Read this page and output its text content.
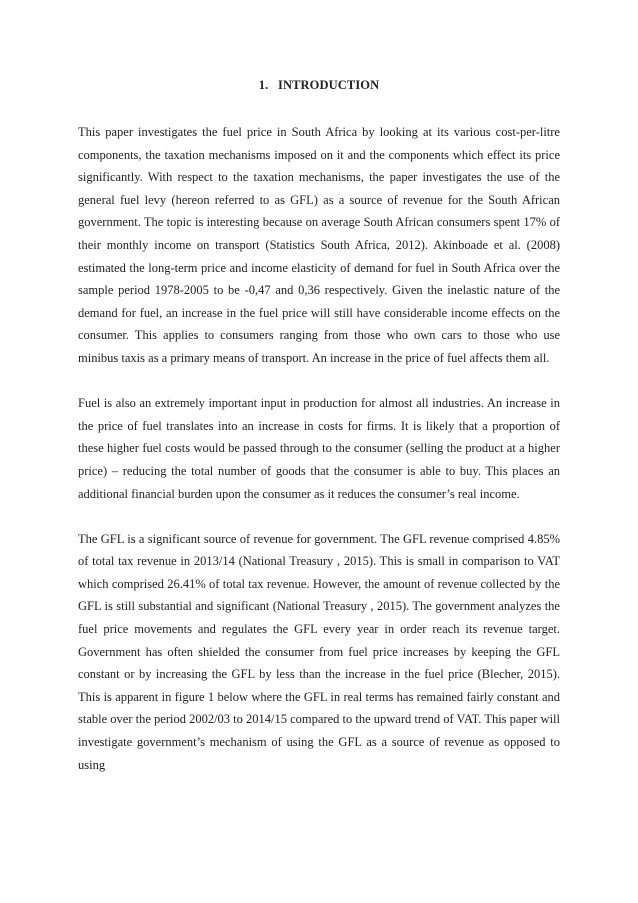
1. INTRODUCTION

This paper investigates the fuel price in South Africa by looking at its various cost-per-litre components, the taxation mechanisms imposed on it and the components which effect its price significantly. With respect to the taxation mechanisms, the paper investigates the use of the general fuel levy (hereon referred to as GFL) as a source of revenue for the South African government. The topic is interesting because on average South African consumers spent 17% of their monthly income on transport (Statistics South Africa, 2012). Akinboade et al. (2008) estimated the long-term price and income elasticity of demand for fuel in South Africa over the sample period 1978-2005 to be -0,47 and 0,36 respectively. Given the inelastic nature of the demand for fuel, an increase in the fuel price will still have considerable income effects on the consumer. This applies to consumers ranging from those who own cars to those who use minibus taxis as a primary means of transport. An increase in the price of fuel affects them all.

Fuel is also an extremely important input in production for almost all industries. An increase in the price of fuel translates into an increase in costs for firms. It is likely that a proportion of these higher fuel costs would be passed through to the consumer (selling the product at a higher price) – reducing the total number of goods that the consumer is able to buy. This places an additional financial burden upon the consumer as it reduces the consumer’s real income.

The GFL is a significant source of revenue for government. The GFL revenue comprised 4.85% of total tax revenue in 2013/14 (National Treasury , 2015). This is small in comparison to VAT which comprised 26.41% of total tax revenue. However, the amount of revenue collected by the GFL is still substantial and significant (National Treasury , 2015). The government analyzes the fuel price movements and regulates the GFL every year in order reach its revenue target. Government has often shielded the consumer from fuel price increases by keeping the GFL constant or by increasing the GFL by less than the increase in the fuel price (Blecher, 2015). This is apparent in figure 1 below where the GFL in real terms has remained fairly constant and stable over the period 2002/03 to 2014/15 compared to the upward trend of VAT. This paper will investigate government’s mechanism of using the GFL as a source of revenue as opposed to using
